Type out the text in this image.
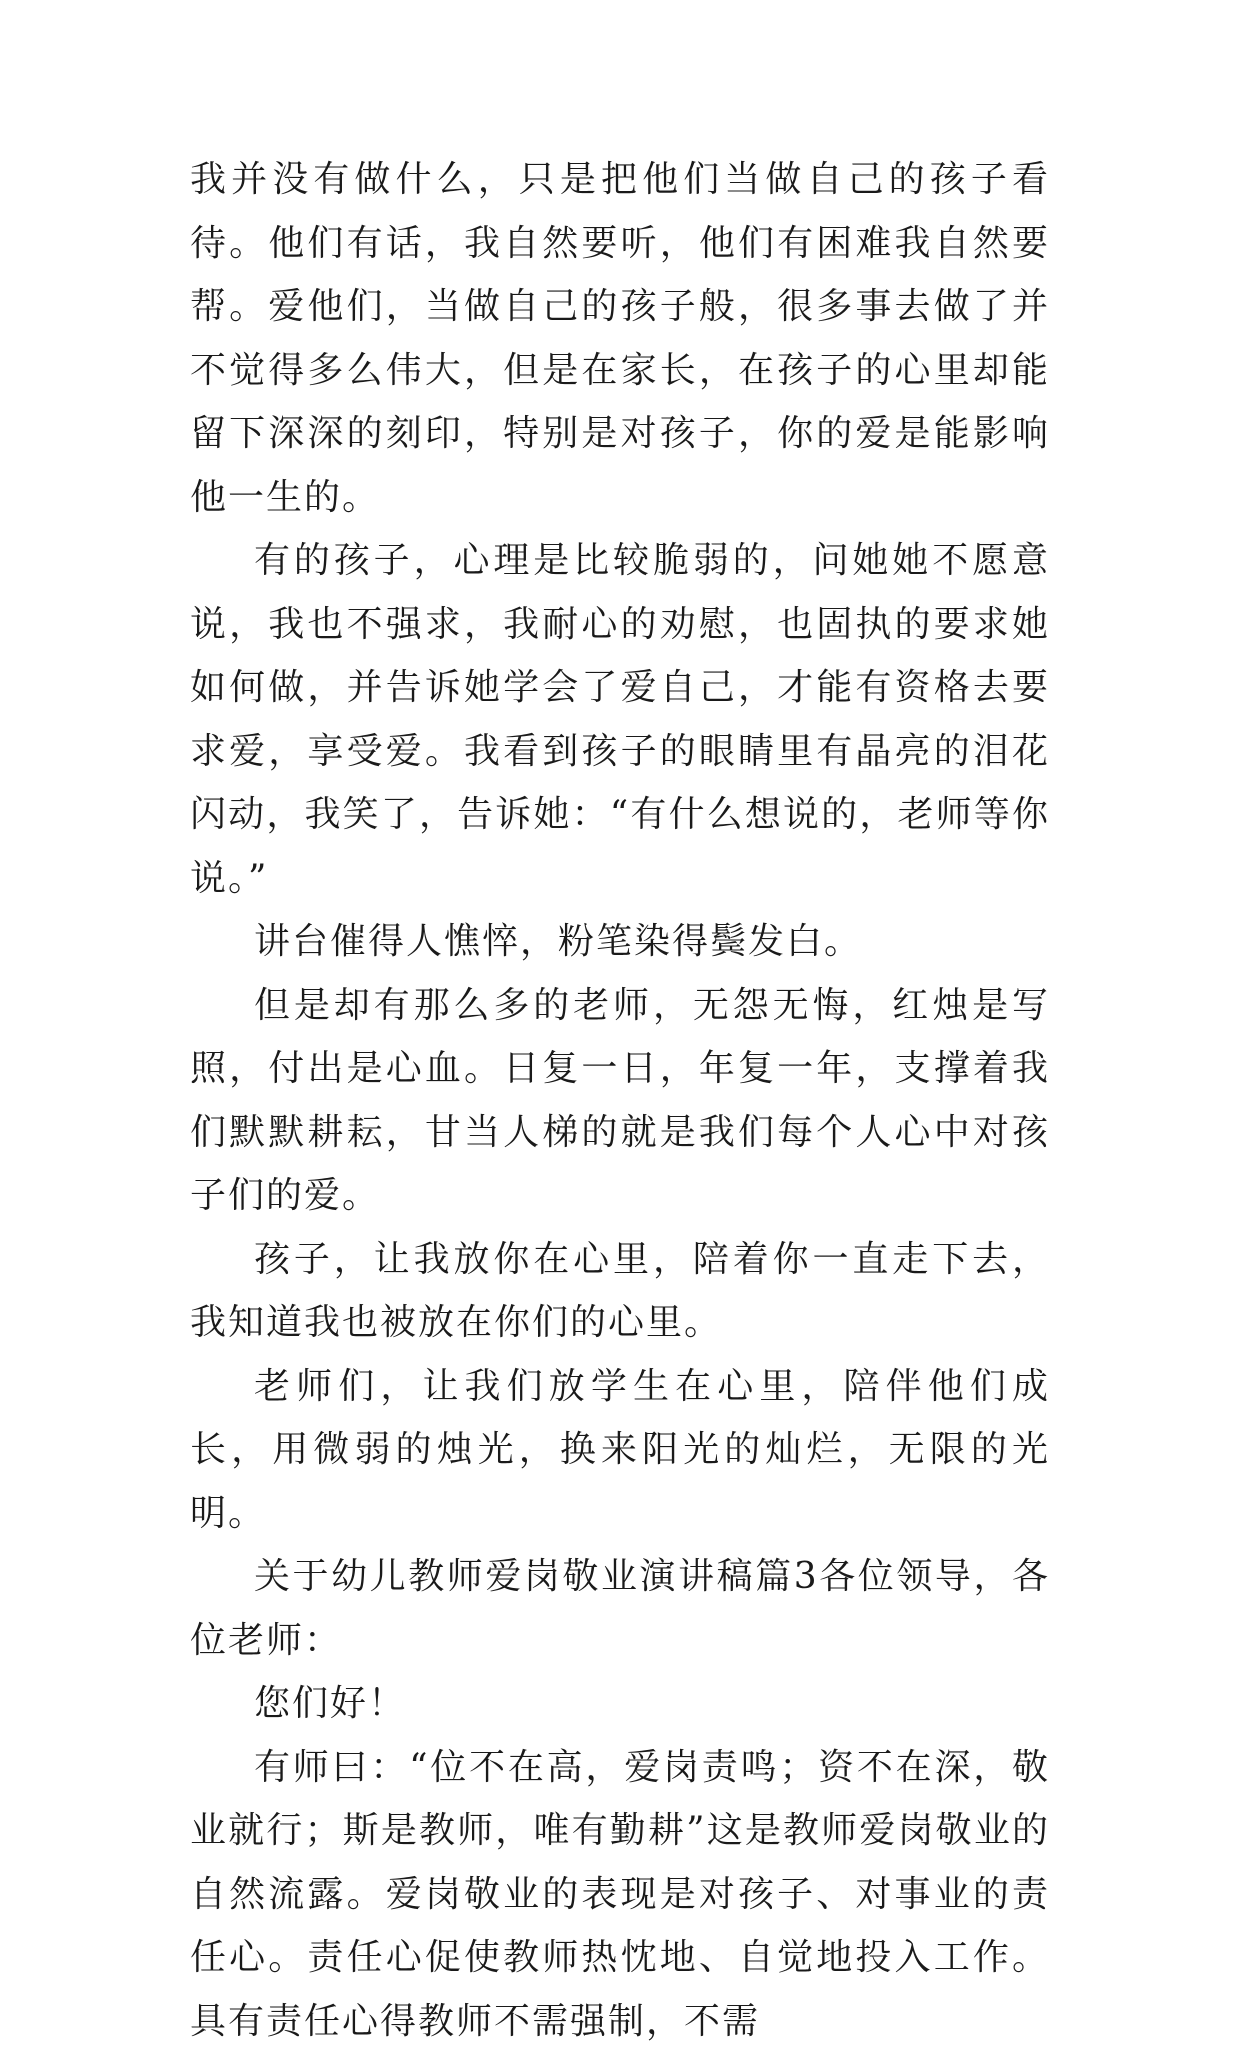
我并没有做什么，只是把他们当做自己的孩子看待。他们有话，我自然要听，他们有困难我自然要帮。爱他们，当做自己的孩子般，很多事去做了并不觉得多么伟大，但是在家长，在孩子的心里却能留下深深的刻印，特别是对孩子，你的爱是能影响他一生的。

有的孩子，心理是比较脆弱的，问她她不愿意说，我也不强求，我耐心的劝慰，也固执的要求她如何做，并告诉她学会了爱自己，才能有资格去要求爱，享受爱。我看到孩子的眼睛里有晶亮的泪花闪动，我笑了，告诉她：“有什么想说的，老师等你说。”

讲台催得人憔悴，粉笔染得鬓发白。

但是却有那么多的老师，无怨无悔，红烛是写照，付出是心血。日复一日，年复一年，支撑着我们默默耕耘，甘当人梯的就是我们每个人心中对孩子们的爱。

孩子，让我放你在心里，陪着你一直走下去，我知道我也被放在你们的心里。

老师们，让我们放学生在心里，陪伴他们成长，用微弱的烛光，换来阳光的灿烂，无限的光明。

关于幼儿教师爱岗敬业演讲稿篇3各位领导，各位老师：

您们好！

有师曰：“位不在高，爱岗责鸣；资不在深，敬业就行；斯是教师，唯有勤耕”这是教师爱岗敬业的自然流露。爱岗敬业的表现是对孩子、对事业的责任心。责任心促使教师热忱地、自觉地投入工作。具有责任心得教师不需强制，不需
